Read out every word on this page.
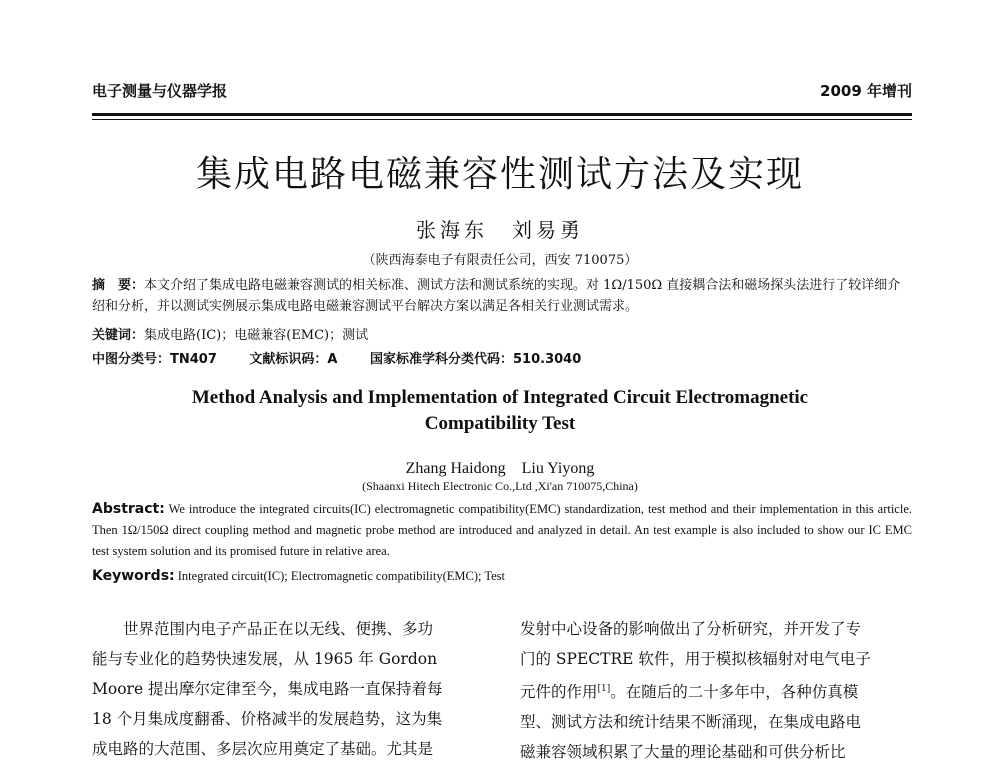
电子测量与仪器学报	2009 年增刊
集成电路电磁兼容性测试方法及实现
张海东　刘易勇
（陕西海泰电子有限责任公司，西安 710075）
摘　要：本文介绍了集成电路电磁兼容测试的相关标准、测试方法和测试系统的实现。对 1Ω/150Ω 直接耦合法和磁场探头法进行了较详细介绍和分析，并以测试实例展示集成电路电磁兼容测试平台解决方案以满足各相关行业测试需求。
关键词：集成电路(IC)；电磁兼容(EMC)；测试
中图分类号：TN407	文献标识码：A	国家标准学科分类代码：510.3040
Method Analysis and Implementation of Integrated Circuit Electromagnetic Compatibility Test
Zhang Haidong　Liu Yiyong
(Shaanxi Hitech Electronic Co.,Ltd ,Xi'an 710075,China)
Abstract: We introduce the integrated circuits(IC) electromagnetic compatibility(EMC) standardization, test method and their implementation in this article. Then 1Ω/150Ω direct coupling method and magnetic probe method are introduced and analyzed in detail. An test example is also included to show our IC EMC test system solution and its promised future in relative area.
Keywords: Integrated circuit(IC); Electromagnetic compatibility(EMC); Test
世界范围内电子产品正在以无线、便携、多功
能与专业化的趋势快速发展，从 1965 年 Gordon
Moore 提出摩尔定律至今，集成电路一直保持着每
18 个月集成度翻番、价格减半的发展趋势，这为集
成电路的大范围、多层次应用奠定了基础。尤其是
发射中心设备的影响做出了分析研究，并开发了专
门的 SPECTRE 软件，用于模拟核辐射对电气电子
元件的作用[1]。在随后的二十多年中，各种仿真模
型、测试方法和统计结果不断涌现，在集成电路电
磁兼容领域积累了大量的理论基础和可供分析比
